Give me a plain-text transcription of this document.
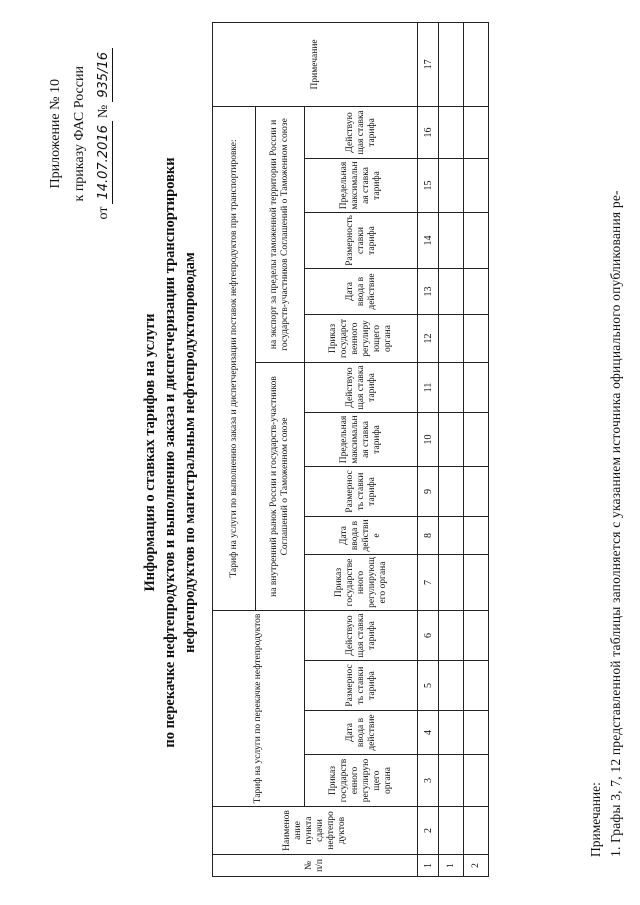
Приложение № 10 к приказу ФАС России
от
14.07.2016
№
935/16
Информация о ставках тарифов на услуги по перекачке нефтепродуктов и выполнению заказа и диспетчеризации транспортировки нефтепродуктов по магистральным нефтепродуктопроводам
№ п/п	Наименование пункта сдачи нефтепродуктов	Тариф на услуги по перекачке нефтепродуктов				Тариф на услуги по выполнению заказа и диспетчеризации поставок нефтепродуктов при транспортировке:										Примечание
						на внутренний рынок России и государств-участников Соглашений о Таможенном союзе					на экспорт за пределы таможенной территории России и государств-участников Соглашений о Таможенном союзе					
		Приказ государственного регулирующего органа	Дата ввода в действие	Размерность ставки тарифа	Действующая ставка тарифа	Приказ государственного регулирующего органа	Дата ввода в действие	Размерность ставки тарифа	Предельная максимальная ставка тарифа	Действующая ставка тарифа	Приказ государственного регулирующего органа	Дата ввода в действие	Размерность ставки тарифа	Предельная максимальная ставка тарифа	Действующая ставка тарифа	
1	2	3	4	5	6	7	8	9	10	11	12	13	14	15	16	17
1																
2																
Примечание: 1. Графы 3, 7, 12 представленной таблицы заполняется с указанием источника официального опубликования ре-
